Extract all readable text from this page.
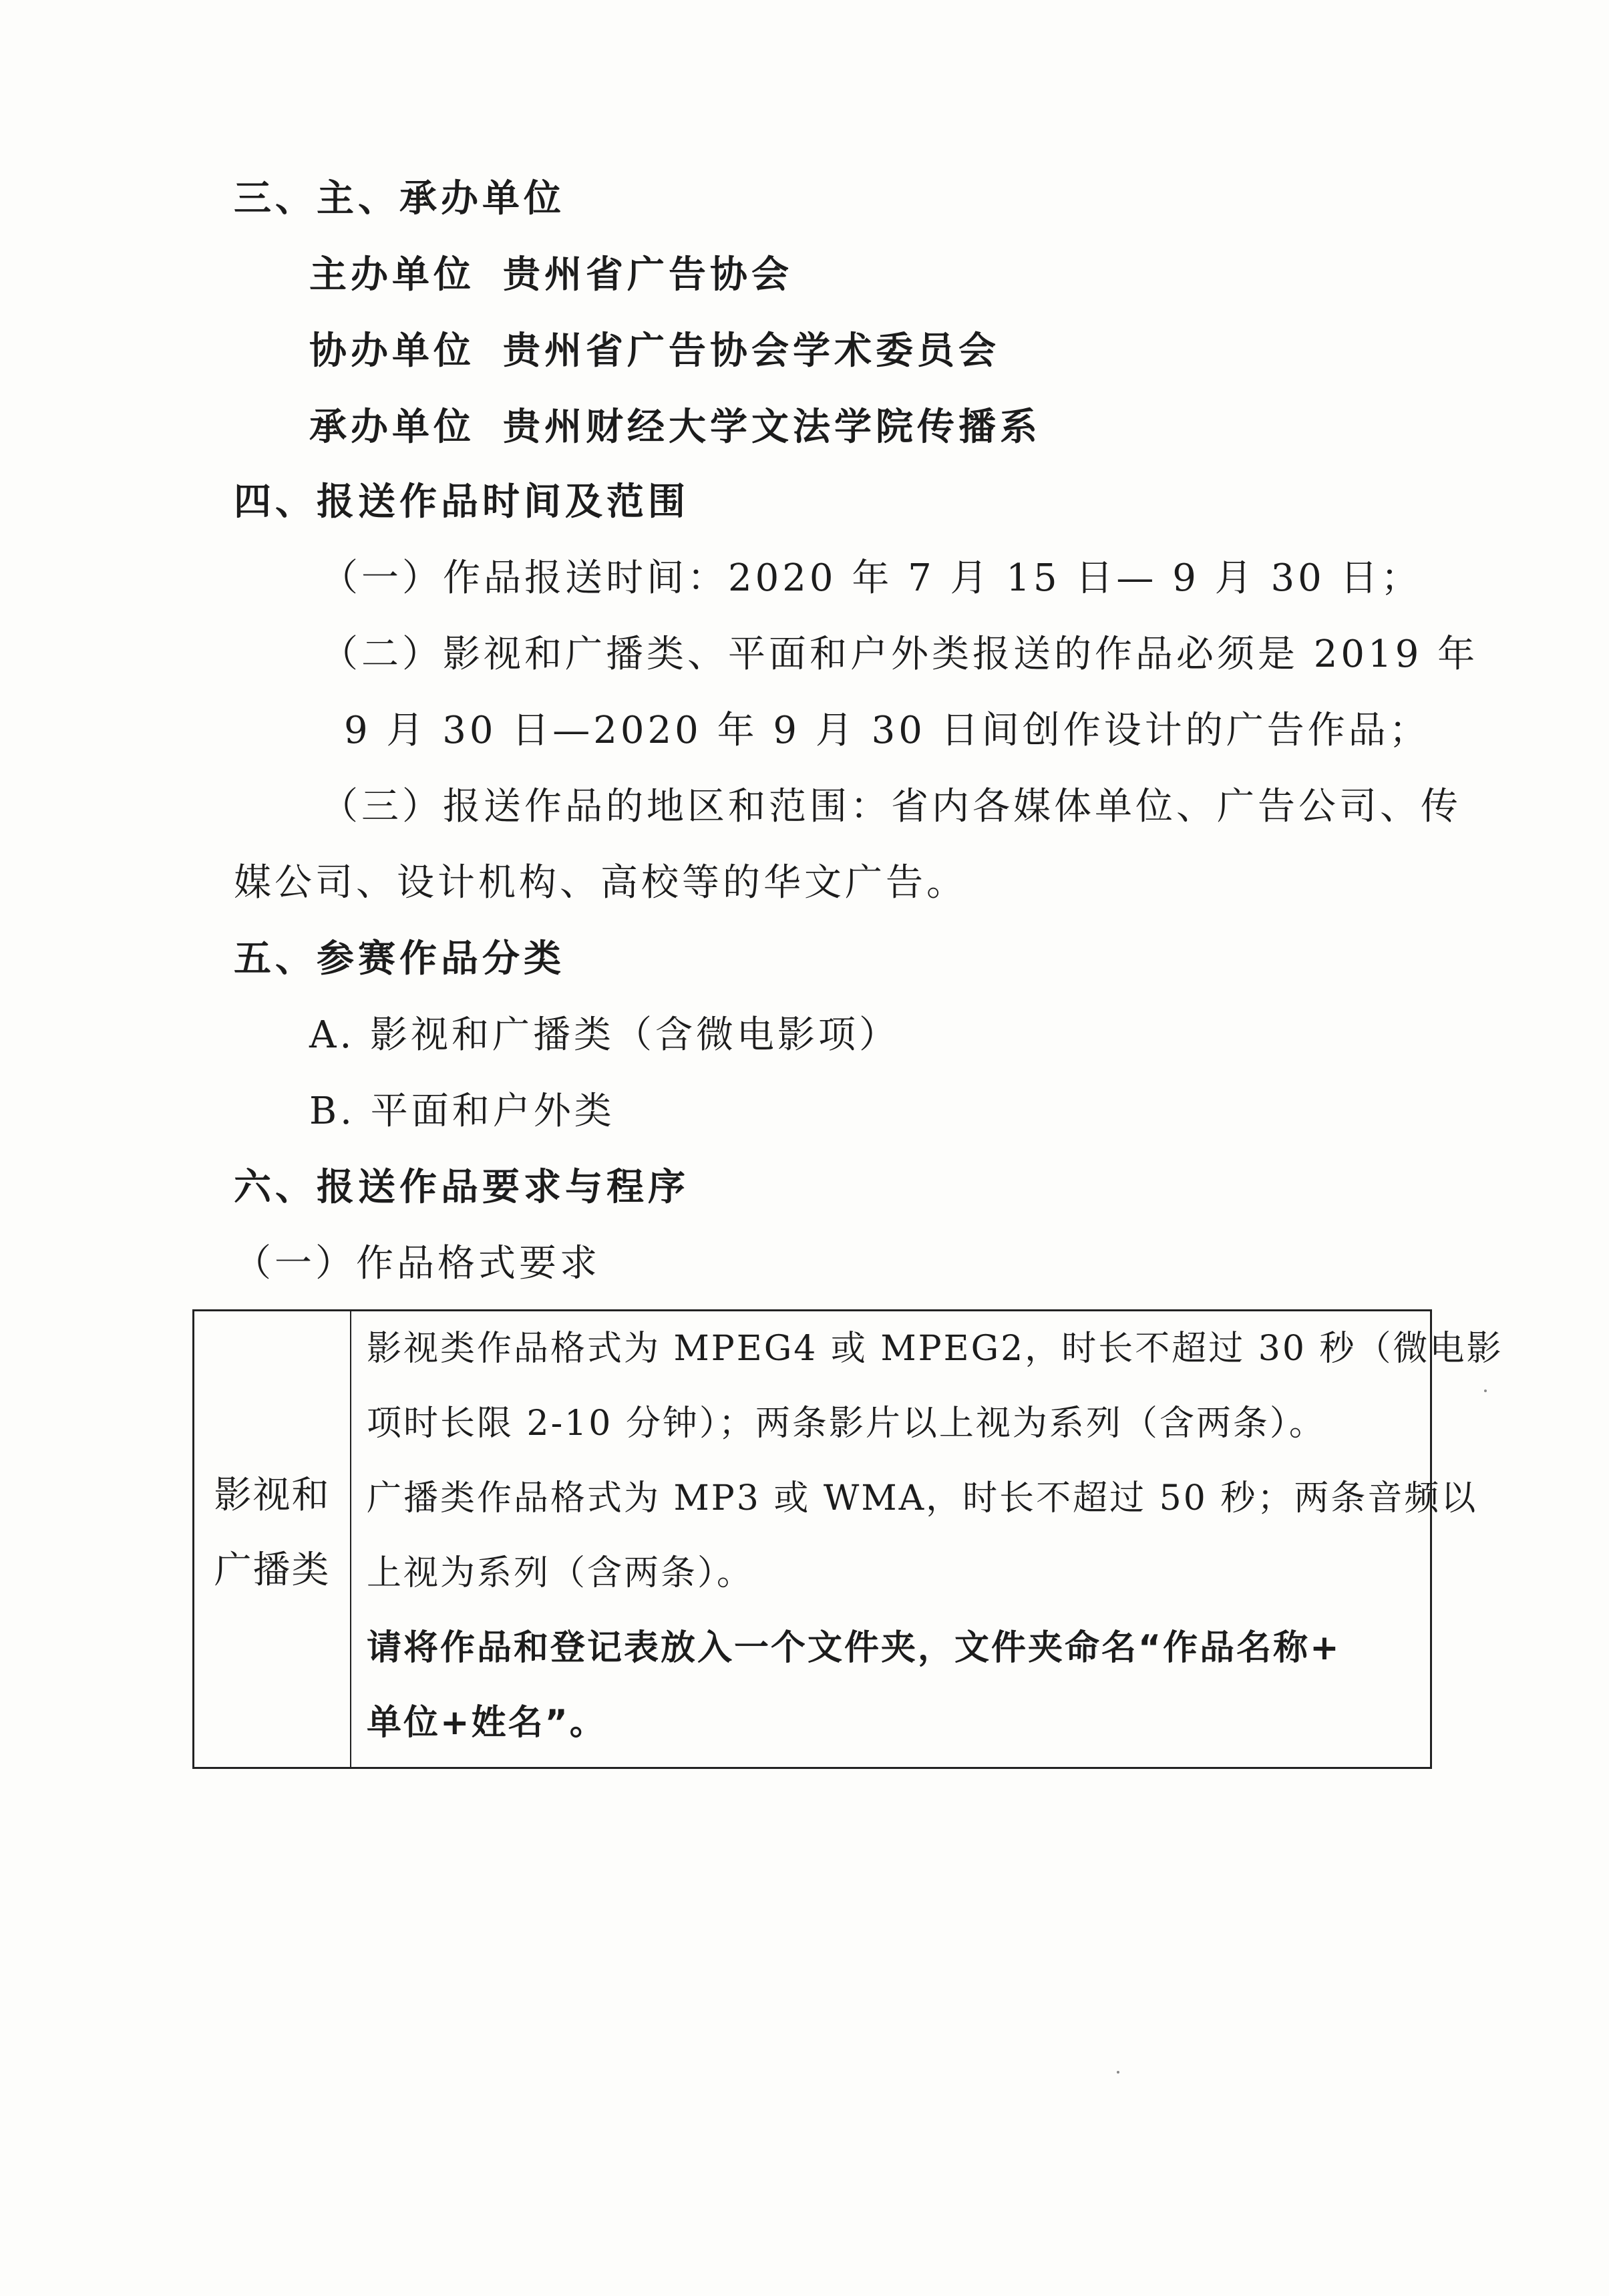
三、主、承办单位
主办单位 贵州省广告协会
协办单位 贵州省广告协会学术委员会
承办单位 贵州财经大学文法学院传播系
四、报送作品时间及范围
（一）作品报送时间：2020 年 7 月 15 日— 9 月 30 日；
（二）影视和广播类、平面和户外类报送的作品必须是 2019 年
9 月 30 日—2020 年 9 月 30 日间创作设计的广告作品；
（三）报送作品的地区和范围：省内各媒体单位、广告公司、传
媒公司、设计机构、高校等的华文广告。
五、参赛作品分类
A. 影视和广播类（含微电影项）
B. 平面和户外类
六、报送作品要求与程序
（一）作品格式要求
影视和
广播类
影视类作品格式为 MPEG4 或 MPEG2，时长不超过 30 秒（微电影
项时长限 2-10 分钟）；两条影片以上视为系列（含两条）。
广播类作品格式为 MP3 或 WMA，时长不超过 50 秒；两条音频以
上视为系列（含两条）。
请将作品和登记表放入一个文件夹，文件夹命名“作品名称+
单位+姓名”。
